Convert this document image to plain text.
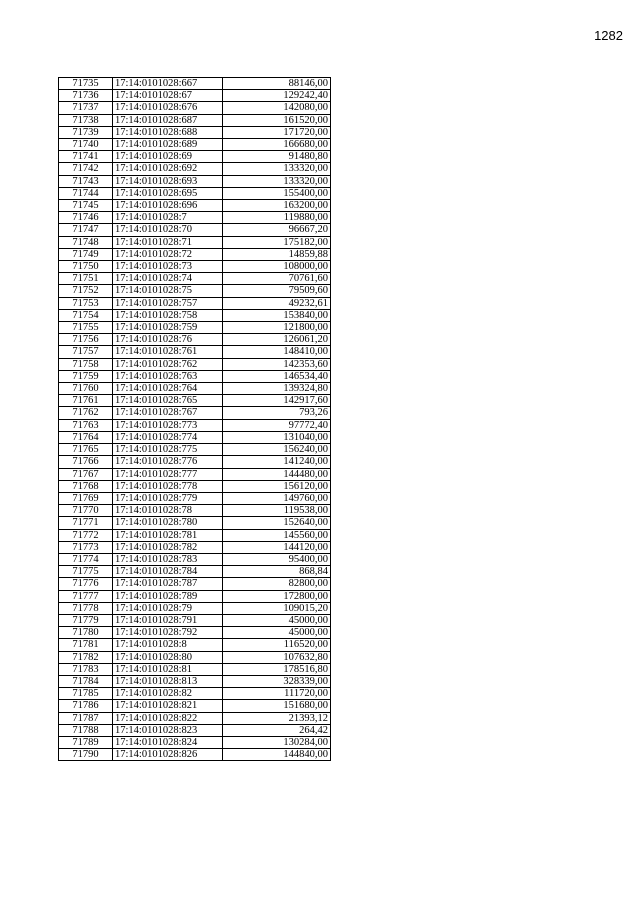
1282
71735	17:14:0101028:667	88146,00
71736	17:14:0101028:67	129242,40
71737	17:14:0101028:676	142080,00
71738	17:14:0101028:687	161520,00
71739	17:14:0101028:688	171720,00
71740	17:14:0101028:689	166680,00
71741	17:14:0101028:69	91480,80
71742	17:14:0101028:692	133320,00
71743	17:14:0101028:693	133320,00
71744	17:14:0101028:695	155400,00
71745	17:14:0101028:696	163200,00
71746	17:14:0101028:7	119880,00
71747	17:14:0101028:70	96667,20
71748	17:14:0101028:71	175182,00
71749	17:14:0101028:72	14859,88
71750	17:14:0101028:73	108000,00
71751	17:14:0101028:74	70761,60
71752	17:14:0101028:75	79509,60
71753	17:14:0101028:757	49232,61
71754	17:14:0101028:758	153840,00
71755	17:14:0101028:759	121800,00
71756	17:14:0101028:76	126061,20
71757	17:14:0101028:761	148410,00
71758	17:14:0101028:762	142353,60
71759	17:14:0101028:763	146534,40
71760	17:14:0101028:764	139324,80
71761	17:14:0101028:765	142917,60
71762	17:14:0101028:767	793,26
71763	17:14:0101028:773	97772,40
71764	17:14:0101028:774	131040,00
71765	17:14:0101028:775	156240,00
71766	17:14:0101028:776	141240,00
71767	17:14:0101028:777	144480,00
71768	17:14:0101028:778	156120,00
71769	17:14:0101028:779	149760,00
71770	17:14:0101028:78	119538,00
71771	17:14:0101028:780	152640,00
71772	17:14:0101028:781	145560,00
71773	17:14:0101028:782	144120,00
71774	17:14:0101028:783	95400,00
71775	17:14:0101028:784	868,84
71776	17:14:0101028:787	82800,00
71777	17:14:0101028:789	172800,00
71778	17:14:0101028:79	109015,20
71779	17:14:0101028:791	45000,00
71780	17:14:0101028:792	45000,00
71781	17:14:0101028:8	116520,00
71782	17:14:0101028:80	107632,80
71783	17:14:0101028:81	178516,80
71784	17:14:0101028:813	328339,00
71785	17:14:0101028:82	111720,00
71786	17:14:0101028:821	151680,00
71787	17:14:0101028:822	21393,12
71788	17:14:0101028:823	264,42
71789	17:14:0101028:824	130284,00
71790	17:14:0101028:826	144840,00
